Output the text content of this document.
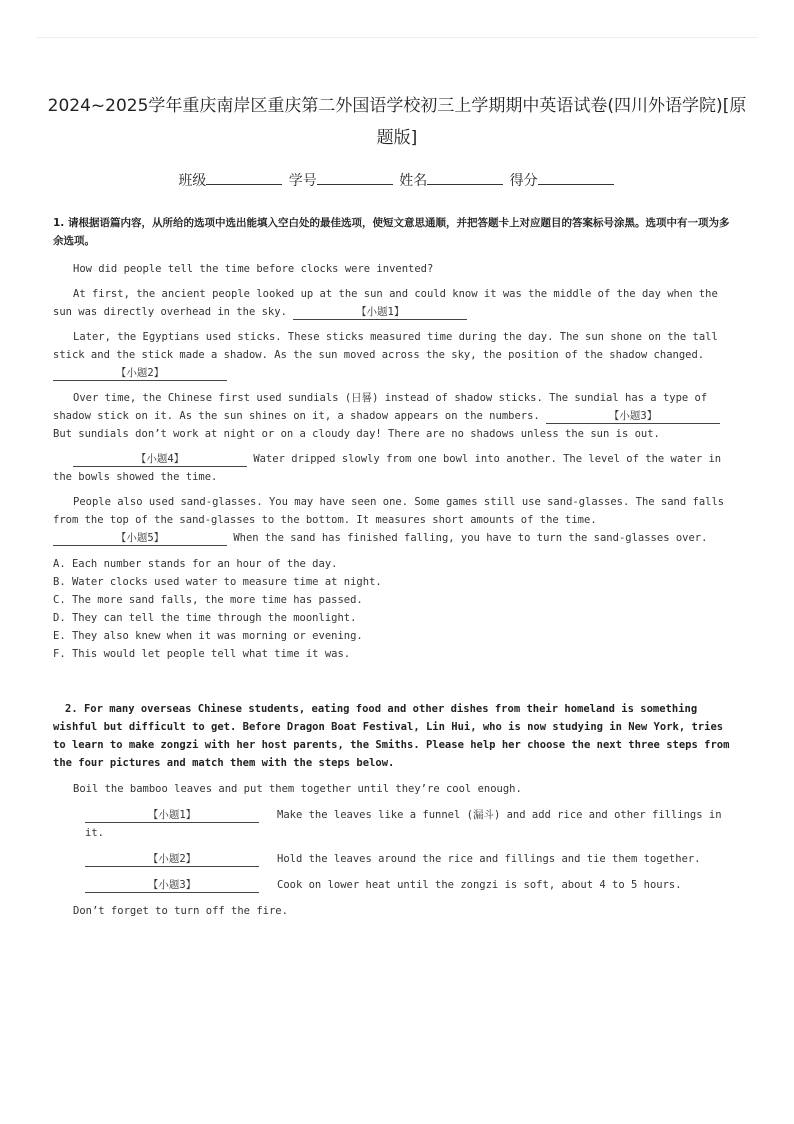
2024~2025学年重庆南岸区重庆第二外国语学校初三上学期期中英语试卷(四川外语学院)[原题版]
班级	学号	姓名	得分
1. 请根据语篇内容，从所给的选项中选出能填入空白处的最佳选项，使短文意思通顺，并把答题卡上对应题目的答案标号涂黑。选项中有一项为多余选项。
How did people tell the time before clocks were invented?
At first, the ancient people looked up at the sun and could know it was the middle of the day when the sun was directly overhead in the sky.	【小题1】
Later, the Egyptians used sticks. These sticks measured time during the day. The sun shone on the tall stick and the stick made a shadow. As the sun moved across the sky, the position of the shadow changed. 【小题2】
Over time, the Chinese first used sundials (日晷) instead of shadow sticks. The sundial has a type of shadow stick on it. As the sun shines on it, a shadow appears on the numbers.	【小题3】 But sundials don’t work at night or on a cloudy day! There are no shadows unless the sun is out.
【小题4】	Water dripped slowly from one bowl into another. The level of the water in the bowls showed the time.
People also used sand-glasses. You may have seen one. Some games still use sand-glasses. The sand falls from the top of the sand-glasses to the bottom. It measures short amounts of the time. 【小题5】	When the sand has finished falling, you have to turn the sand-glasses over.
A. Each number stands for an hour of the day.
B. Water clocks used water to measure time at night.
C. The more sand falls, the more time has passed.
D. They can tell the time through the moonlight.
E. They also knew when it was morning or evening.
F. This would let people tell what time it was.
2. For many overseas Chinese students, eating food and other dishes from their homeland is something wishful but difficult to get. Before Dragon Boat Festival, Lin Hui, who is now studying in New York, tries to learn to make zongzi with her host parents, the Smiths. Please help her choose the next three steps from the four pictures and match them with the steps below.
Boil the bamboo leaves and put them together until they’re cool enough.
【小题1】	Make the leaves like a funnel (漏斗) and add rice and other fillings in it.
【小题2】	Hold the leaves around the rice and fillings and tie them together.
【小题3】	Cook on lower heat until the zongzi is soft, about 4 to 5 hours.
Don’t forget to turn off the fire.
